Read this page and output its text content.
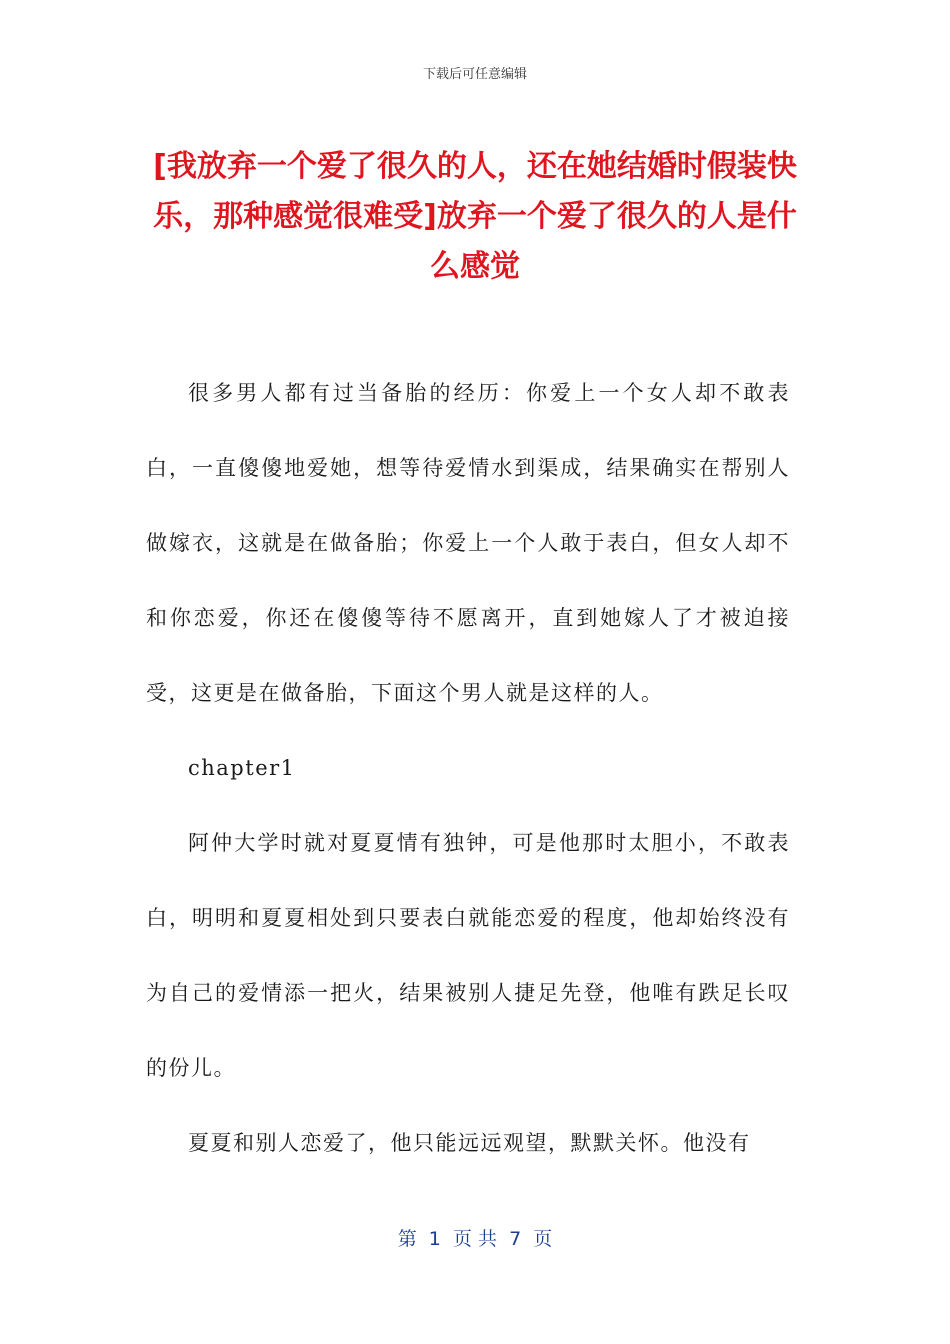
下载后可任意编辑
[我放弃一个爱了很久的人，还在她结婚时假装快乐，那种感觉很难受]放弃一个爱了很久的人是什么感觉

很多男人都有过当备胎的经历：你爱上一个女人却不敢表白，一直傻傻地爱她，想等待爱情水到渠成，结果确实在帮别人做嫁衣，这就是在做备胎；你爱上一个人敢于表白，但女人却不和你恋爱，你还在傻傻等待不愿离开，直到她嫁人了才被迫接受，这更是在做备胎，下面这个男人就是这样的人。

chapter1

阿仲大学时就对夏夏情有独钟，可是他那时太胆小，不敢表白，明明和夏夏相处到只要表白就能恋爱的程度，他却始终没有为自己的爱情添一把火，结果被别人捷足先登，他唯有跌足长叹的份儿。

夏夏和别人恋爱了，他只能远远观望，默默关怀。他没有

第  1  页 共  7  页
